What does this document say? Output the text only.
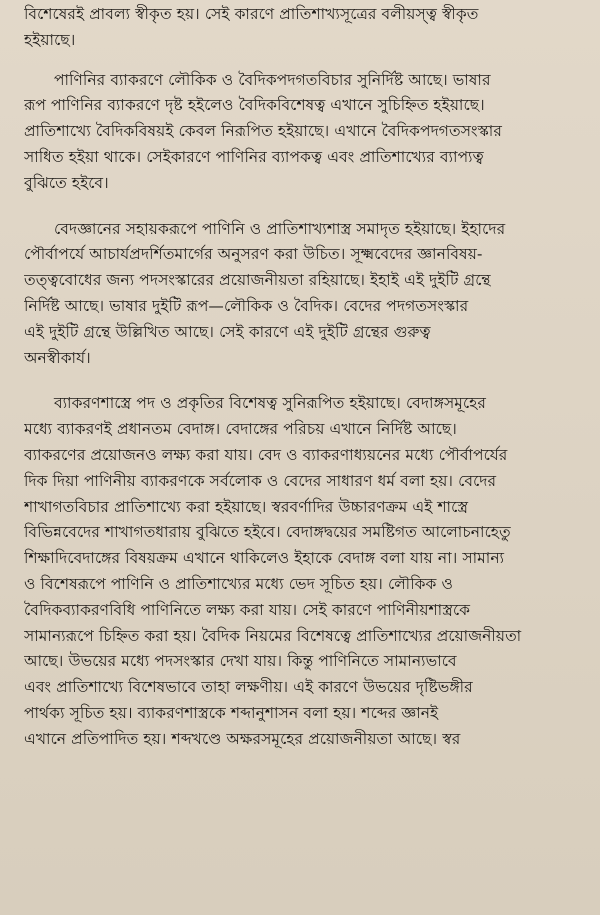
বিশেষেরই প্রাবল্য স্বীকৃত হয়। সেই কারণে প্রাতিশাখ্যসূত্রের বলীয়স্ত্ব স্বীকৃত
হইয়াছে।
পাণিনির ব্যাকরণে লৌকিক ও বৈদিকপদগতবিচার সুনির্দিষ্ট আছে। ভাষার
রূপ পাণিনির ব্যাকরণে দৃষ্ট হইলেও বৈদিকবিশেষত্ব এখানে সুচিহ্নিত হইয়াছে।
প্রাতিশাখ্যে বৈদিকবিষয়ই কেবল নিরূপিত হইয়াছে। এখানে বৈদিকপদগতসংস্কার
সাধিত হইয়া থাকে। সেইকারণে পাণিনির ব্যাপকত্ব এবং প্রাতিশাখ্যের ব্যাপ্যত্ব
বুঝিতে হইবে।
বেদজ্ঞানের সহায়করূপে পাণিনি ও প্রাতিশাখ্যশাস্ত্র সমাদৃত হইয়াছে। ইহাদের
পৌর্বাপর্যে আচার্যপ্রদর্শিতমার্গের অনুসরণ করা উচিত। সূক্ষ্মবেদের জ্ঞানবিষয়-
তত্ত্ববোধের জন্য পদসংস্কারের প্রয়োজনীয়তা রহিয়াছে। ইহাই এই দুইটি গ্রন্থে
নির্দিষ্ট আছে। ভাষার দুইটি রূপ—লৌকিক ও বৈদিক। বেদের পদগতসংস্কার
এই দুইটি গ্রন্থে উল্লিখিত আছে। সেই কারণে এই দুইটি গ্রন্থের গুরুত্ব
অনস্বীকার্য।
ব্যাকরণশাস্ত্রে পদ ও প্রকৃতির বিশেষত্ব সুনিরূপিত হইয়াছে। বেদাঙ্গসমূহের
মধ্যে ব্যাকরণই প্রধানতম বেদাঙ্গ। বেদাঙ্গের পরিচয় এখানে নির্দিষ্ট আছে।
ব্যাকরণের প্রয়োজনও লক্ষ্য করা যায়। বেদ ও ব্যাকরণাধ্যয়নের মধ্যে পৌর্বাপর্যের
দিক দিয়া পাণিনীয় ব্যাকরণকে সর্বলোক ও বেদের সাধারণ ধর্ম বলা হয়। বেদের
শাখাগতবিচার প্রাতিশাখ্যে করা হইয়াছে। স্বরবর্ণাদির উচ্চারণক্রম এই শাস্ত্রে
বিভিন্নবেদের শাখাগতধারায় বুঝিতে হইবে। বেদাঙ্গদ্বয়ের সমষ্টিগত আলোচনাহেতু
শিক্ষাদিবেদাঙ্গের বিষয়ক্রম এখানে থাকিলেও ইহাকে বেদাঙ্গ বলা যায় না। সামান্য
ও বিশেষরূপে পাণিনি ও প্রাতিশাখ্যের মধ্যে ভেদ সূচিত হয়। লৌকিক ও
বৈদিকব্যাকরণবিধি পাণিনিতে লক্ষ্য করা যায়। সেই কারণে পাণিনীয়শাস্ত্রকে
সামান্যরূপে চিহ্নিত করা হয়। বৈদিক নিয়মের বিশেষত্বে প্রাতিশাখ্যের প্রয়োজনীয়তা
আছে। উভয়ের মধ্যে পদসংস্কার দেখা যায়। কিন্তু পাণিনিতে সামান্যভাবে
এবং প্রাতিশাখ্যে বিশেষভাবে তাহা লক্ষণীয়। এই কারণে উভয়ের দৃষ্টিভঙ্গীর
পার্থক্য সূচিত হয়। ব্যাকরণশাস্ত্রকে শব্দানুশাসন বলা হয়। শব্দের জ্ঞানই
এখানে প্রতিপাদিত হয়। শব্দখণ্ডে অক্ষরসমূহের প্রয়োজনীয়তা আছে। স্বর
